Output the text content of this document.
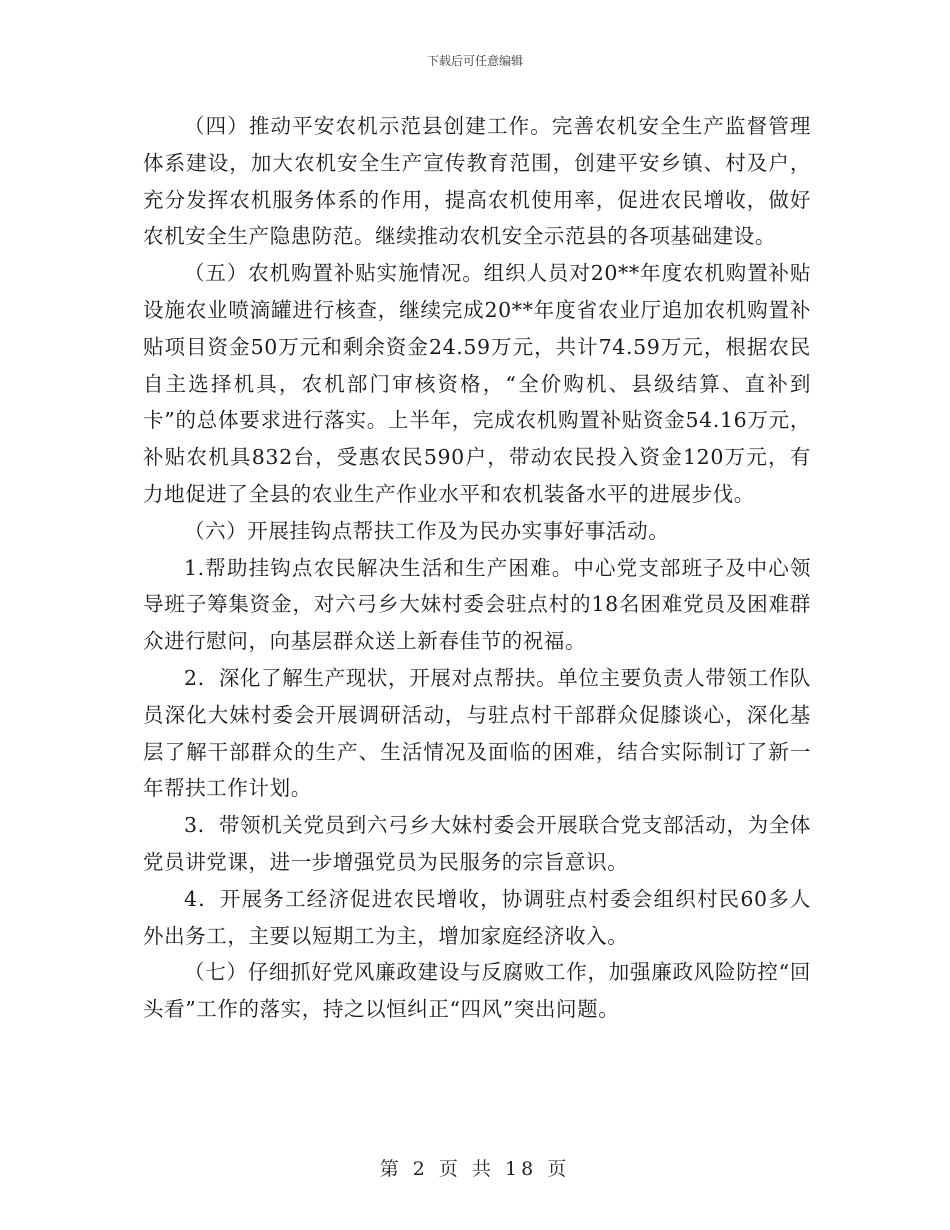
下载后可任意编辑

（四）推动平安农机示范县创建工作。完善农机安全生产监督管理体系建设，加大农机安全生产宣传教育范围，创建平安乡镇、村及户，充分发挥农机服务体系的作用，提高农机使用率，促进农民增收，做好农机安全生产隐患防范。继续推动农机安全示范县的各项基础建设。

（五）农机购置补贴实施情况。组织人员对20**年度农机购置补贴设施农业喷滴罐进行核查，继续完成20**年度省农业厅追加农机购置补贴项目资金50万元和剩余资金24.59万元，共计74.59万元，根据农民自主选择机具，农机部门审核资格，“全价购机、县级结算、直补到卡”的总体要求进行落实。上半年，完成农机购置补贴资金54.16万元，补贴农机具832台，受惠农民590户，带动农民投入资金120万元，有力地促进了全县的农业生产作业水平和农机装备水平的进展步伐。

（六）开展挂钩点帮扶工作及为民办实事好事活动。

1.帮助挂钩点农民解决生活和生产困难。中心党支部班子及中心领导班子筹集资金，对六弓乡大妹村委会驻点村的18名困难党员及困难群众进行慰问，向基层群众送上新春佳节的祝福。

2．深化了解生产现状，开展对点帮扶。单位主要负责人带领工作队员深化大妹村委会开展调研活动，与驻点村干部群众促膝谈心，深化基层了解干部群众的生产、生活情况及面临的困难，结合实际制订了新一年帮扶工作计划。

3．带领机关党员到六弓乡大妹村委会开展联合党支部活动，为全体党员讲党课，进一步增强党员为民服务的宗旨意识。

4．开展务工经济促进农民增收，协调驻点村委会组织村民60多人外出务工，主要以短期工为主，增加家庭经济收入。

（七）仔细抓好党风廉政建设与反腐败工作，加强廉政风险防控“回头看”工作的落实，持之以恒纠正“四风”突出问题。

第 2 页 共 18 页
